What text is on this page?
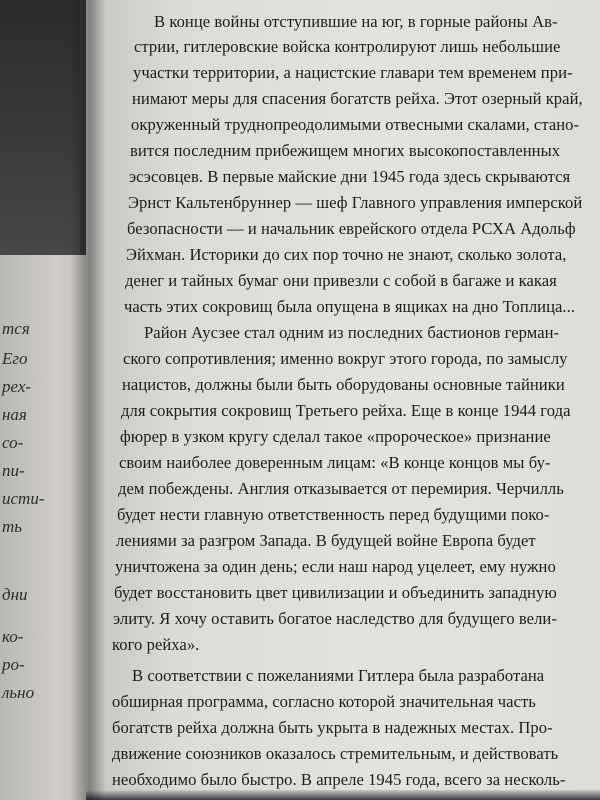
тся
Его
рех-
ная
со-
пи-
исти-
ть
дни
ко-
ро-
льно
В конце войны отступившие на юг, в горные районы Ав-
стрии, гитлеровские войска контролируют лишь небольшие
участки территории, а нацистские главари тем временем при-
нимают меры для спасения богатств рейха. Этот озерный край,
окруженный труднопреодолимыми отвесными скалами, стано-
вится последним прибежищем многих высокопоставленных
эсэсовцев. В первые майские дни 1945 года здесь скрываются
Эрнст Кальтенбруннер — шеф Главного управления имперской
безопасности — и начальник еврейского отдела РСХА Адольф
Эйхман. Историки до сих пор точно не знают, сколько золота,
денег и тайных бумаг они привезли с собой в багаже и какая
часть этих сокровищ была опущена в ящиках на дно Топлица...
Район Аусзее стал одним из последних бастионов герман-
ского сопротивления; именно вокруг этого города, по замыслу
нацистов, должны были быть оборудованы основные тайники
для сокрытия сокровищ Третьего рейха. Еще в конце 1944 года
фюрер в узком кругу сделал такое «пророческое» признание
своим наиболее доверенным лицам: «В конце концов мы бу-
дем побеждены. Англия отказывается от перемирия. Черчилль
будет нести главную ответственность перед будущими поко-
лениями за разгром Запада. В будущей войне Европа будет
уничтожена за один день; если наш народ уцелеет, ему нужно
будет восстановить цвет цивилизации и объединить западную
элиту. Я хочу оставить богатое наследство для будущего вели-
кого рейха».
В соответствии с пожеланиями Гитлера была разработана
обширная программа, согласно которой значительная часть
богатств рейха должна быть укрыта в надежных местах. Про-
движение союзников оказалось стремительным, и действовать
необходимо было быстро. В апреле 1945 года, всего за несколь-
